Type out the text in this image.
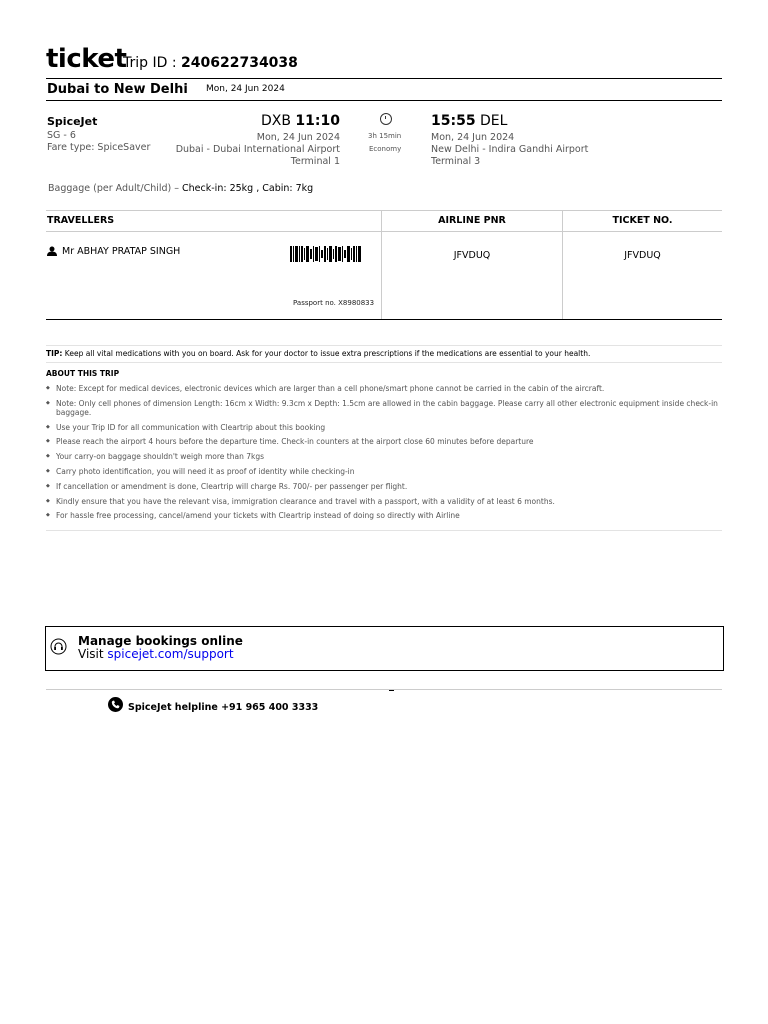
ticket
Trip ID : 240622734038
Dubai to New Delhi Mon, 24 Jun 2024
SpiceJet
SG - 6
Fare type: SpiceSaver
DXB 11:10
Mon, 24 Jun 2024
Dubai - Dubai International Airport
Terminal 1
3h 15min
Economy
15:55 DEL
Mon, 24 Jun 2024
New Delhi - Indira Gandhi Airport
Terminal 3
Baggage (per Adult/Child) – Check-in: 25kg , Cabin: 7kg
TRAVELLERS	AIRLINE PNR	TICKET NO.
Mr ABHAY PRATAP SINGH
Passport no. X8980833
JFVDUQ	JFVDUQ
TIP: Keep all vital medications with you on board. Ask for your doctor to issue extra prescriptions if the medications are essential to your health.
ABOUT THIS TRIP
◆ Note: Except for medical devices, electronic devices which are larger than a cell phone/smart phone cannot be carried in the cabin of the aircraft.
◆ Note: Only cell phones of dimension Length: 16cm x Width: 9.3cm x Depth: 1.5cm are allowed in the cabin baggage. Please carry all other electronic equipment inside check-in baggage.
◆ Use your Trip ID for all communication with Cleartrip about this booking
◆ Please reach the airport 4 hours before the departure time. Check-in counters at the airport close 60 minutes before departure
◆ Your carry-on baggage shouldn't weigh more than 7kgs
◆ Carry photo identification, you will need it as proof of identity while checking-in
◆ If cancellation or amendment is done, Cleartrip will charge Rs. 700/- per passenger per flight.
◆ Kindly ensure that you have the relevant visa, immigration clearance and travel with a passport, with a validity of at least 6 months.
◆ For hassle free processing, cancel/amend your tickets with Cleartrip instead of doing so directly with Airline
Manage bookings online
Visit spicejet.com/support
SpiceJet helpline +91 965 400 3333
